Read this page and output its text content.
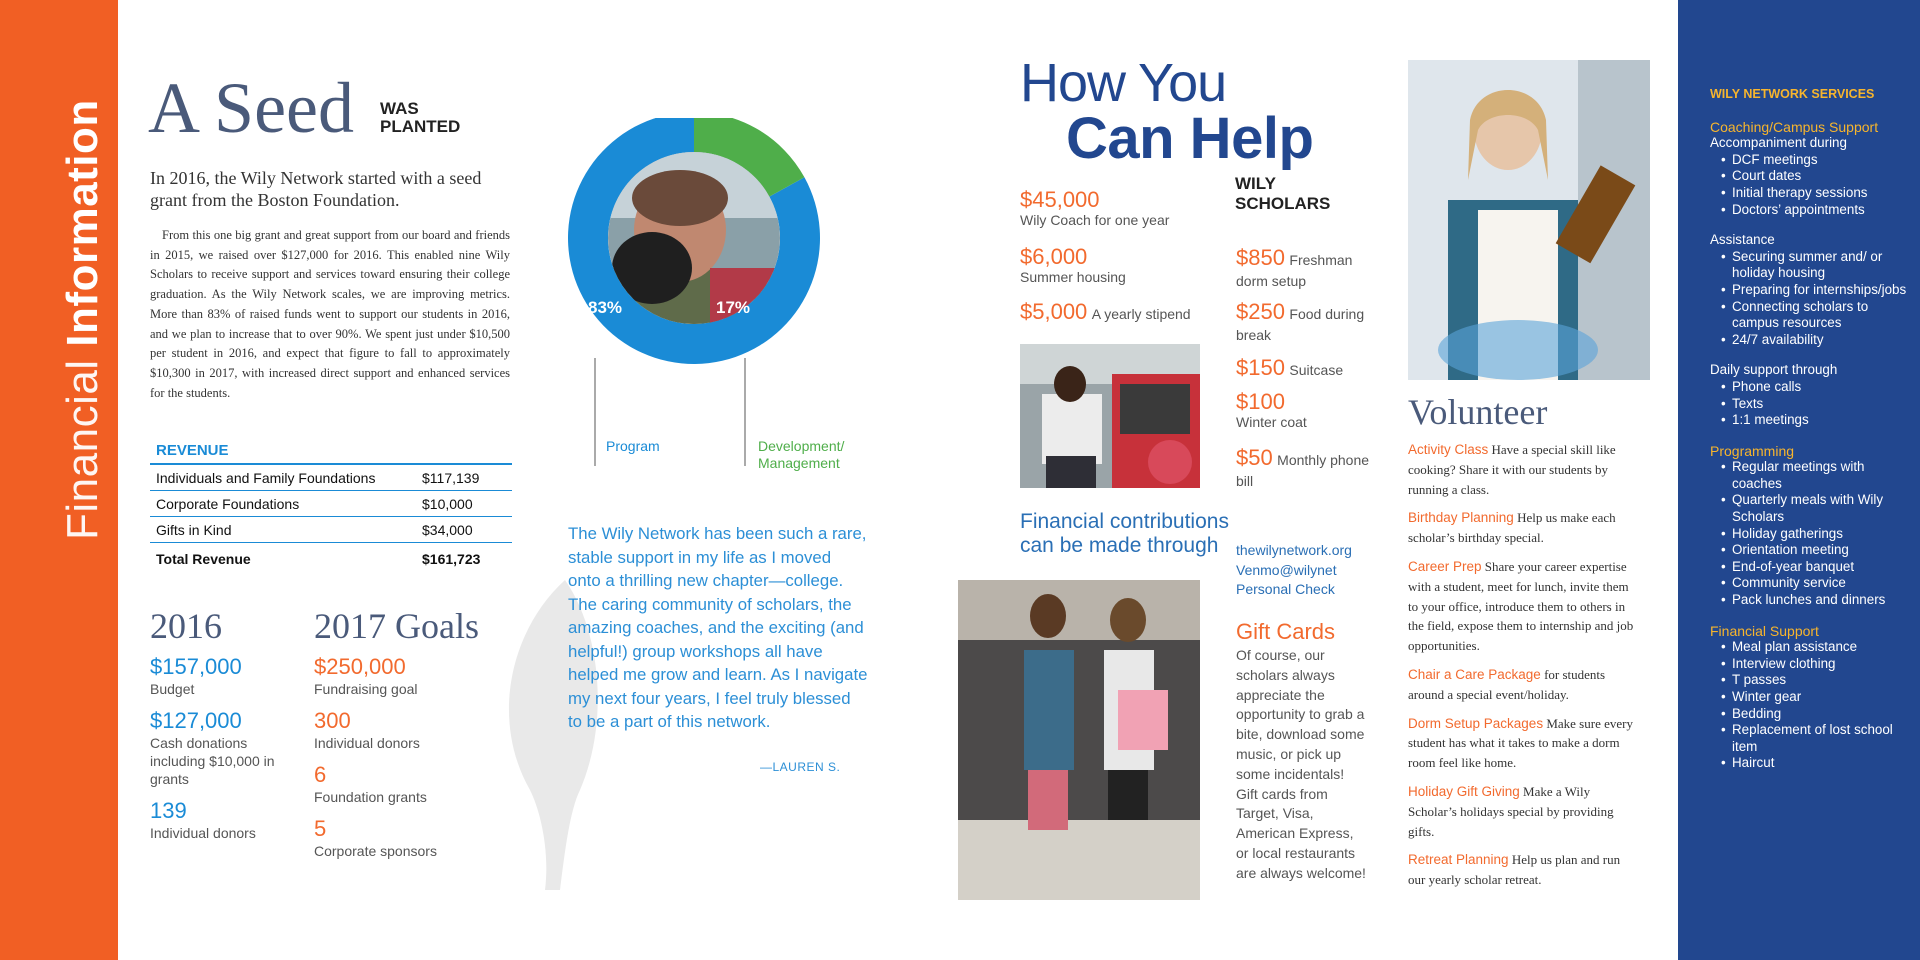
Financial Information A Seed WAS
PLANTED
In 2016, the Wily Network started with a seed grant from the Boston Foundation.
From this one big grant and great support from our board and friends in 2015, we raised over $127,000 for 2016. This enabled nine Wily Scholars to receive support and services toward ensuring their college graduation. As the Wily Network scales, we are improving metrics. More than 83% of raised funds went to support our students in 2016, and we plan to increase that to over 90%. We spent just under $10,500 per student in 2016, and expect that figure to fall to approximately $10,300 in 2017, with increased direct support and enhanced services for the students.
REVENUE
Individuals and Family Foundations	$117,139
Corporate Foundations	$10,000
Gifts in Kind	$34,000
Total Revenue	$161,723
2016
$157,000
Budget
$127,000
Cash donations including $10,000 in grants
139
Individual donors
2017 Goals
$250,000
Fundraising goal
300
Individual donors
6
Foundation grants
5
Corporate sponsors
83%	17%
Program	Development/ Management
The Wily Network has been such a rare, stable support in my life as I moved onto a thrilling new chapter—college. The caring community of scholars, the amazing coaches, and the exciting (and helpful!) group workshops all have helped me grow and learn. As I navigate my next four years, I feel truly blessed to be a part of this network.
—LAUREN S.
How You
Can Help
WILY
SCHOLARS
$45,000
Wily Coach for one year
$6,000
Summer housing
$5,000 A yearly stipend
$850 Freshman dorm setup
$250 Food during break
$150 Suitcase
$100
Winter coat
$50 Monthly phone bill
Financial contributions
can be made through	thewilynetwork.org
Venmo@wilynet
Personal Check
Gift Cards
Of course, our scholars always appreciate the opportunity to grab a bite, download some music, or pick up some incidentals! Gift cards from Target, Visa, American Express, or local restaurants are always welcome!
Volunteer
Activity Class Have a special skill like cooking? Share it with our students by running a class.
Birthday Planning Help us make each scholar’s birthday special.
Career Prep Share your career expertise with a student, meet for lunch, invite them to your office, introduce them to others in the field, expose them to internship and job opportunities.
Chair a Care Package for students around a special event/holiday.
Dorm Setup Packages Make sure every student has what it takes to make a dorm room feel like home.
Holiday Gift Giving Make a Wily Scholar’s holidays special by providing gifts.
Retreat Planning Help us plan and run our yearly scholar retreat.
WILY NETWORK SERVICES
Coaching/Campus Support
Accompaniment during
• DCF meetings
• Court dates
• Initial therapy sessions
• Doctors’ appointments
Assistance
• Securing summer and/ or holiday housing
• Preparing for internships/jobs
• Connecting scholars to campus resources
• 24/7 availability
Daily support through
• Phone calls
• Texts
• 1:1 meetings
Programming
• Regular meetings with coaches
• Quarterly meals with Wily Scholars
• Holiday gatherings
• Orientation meeting
• End-of-year banquet
• Community service
• Pack lunches and dinners
Financial Support
• Meal plan assistance
• Interview clothing
• T passes
• Winter gear
• Bedding
• Replacement of lost school item
• Haircut
